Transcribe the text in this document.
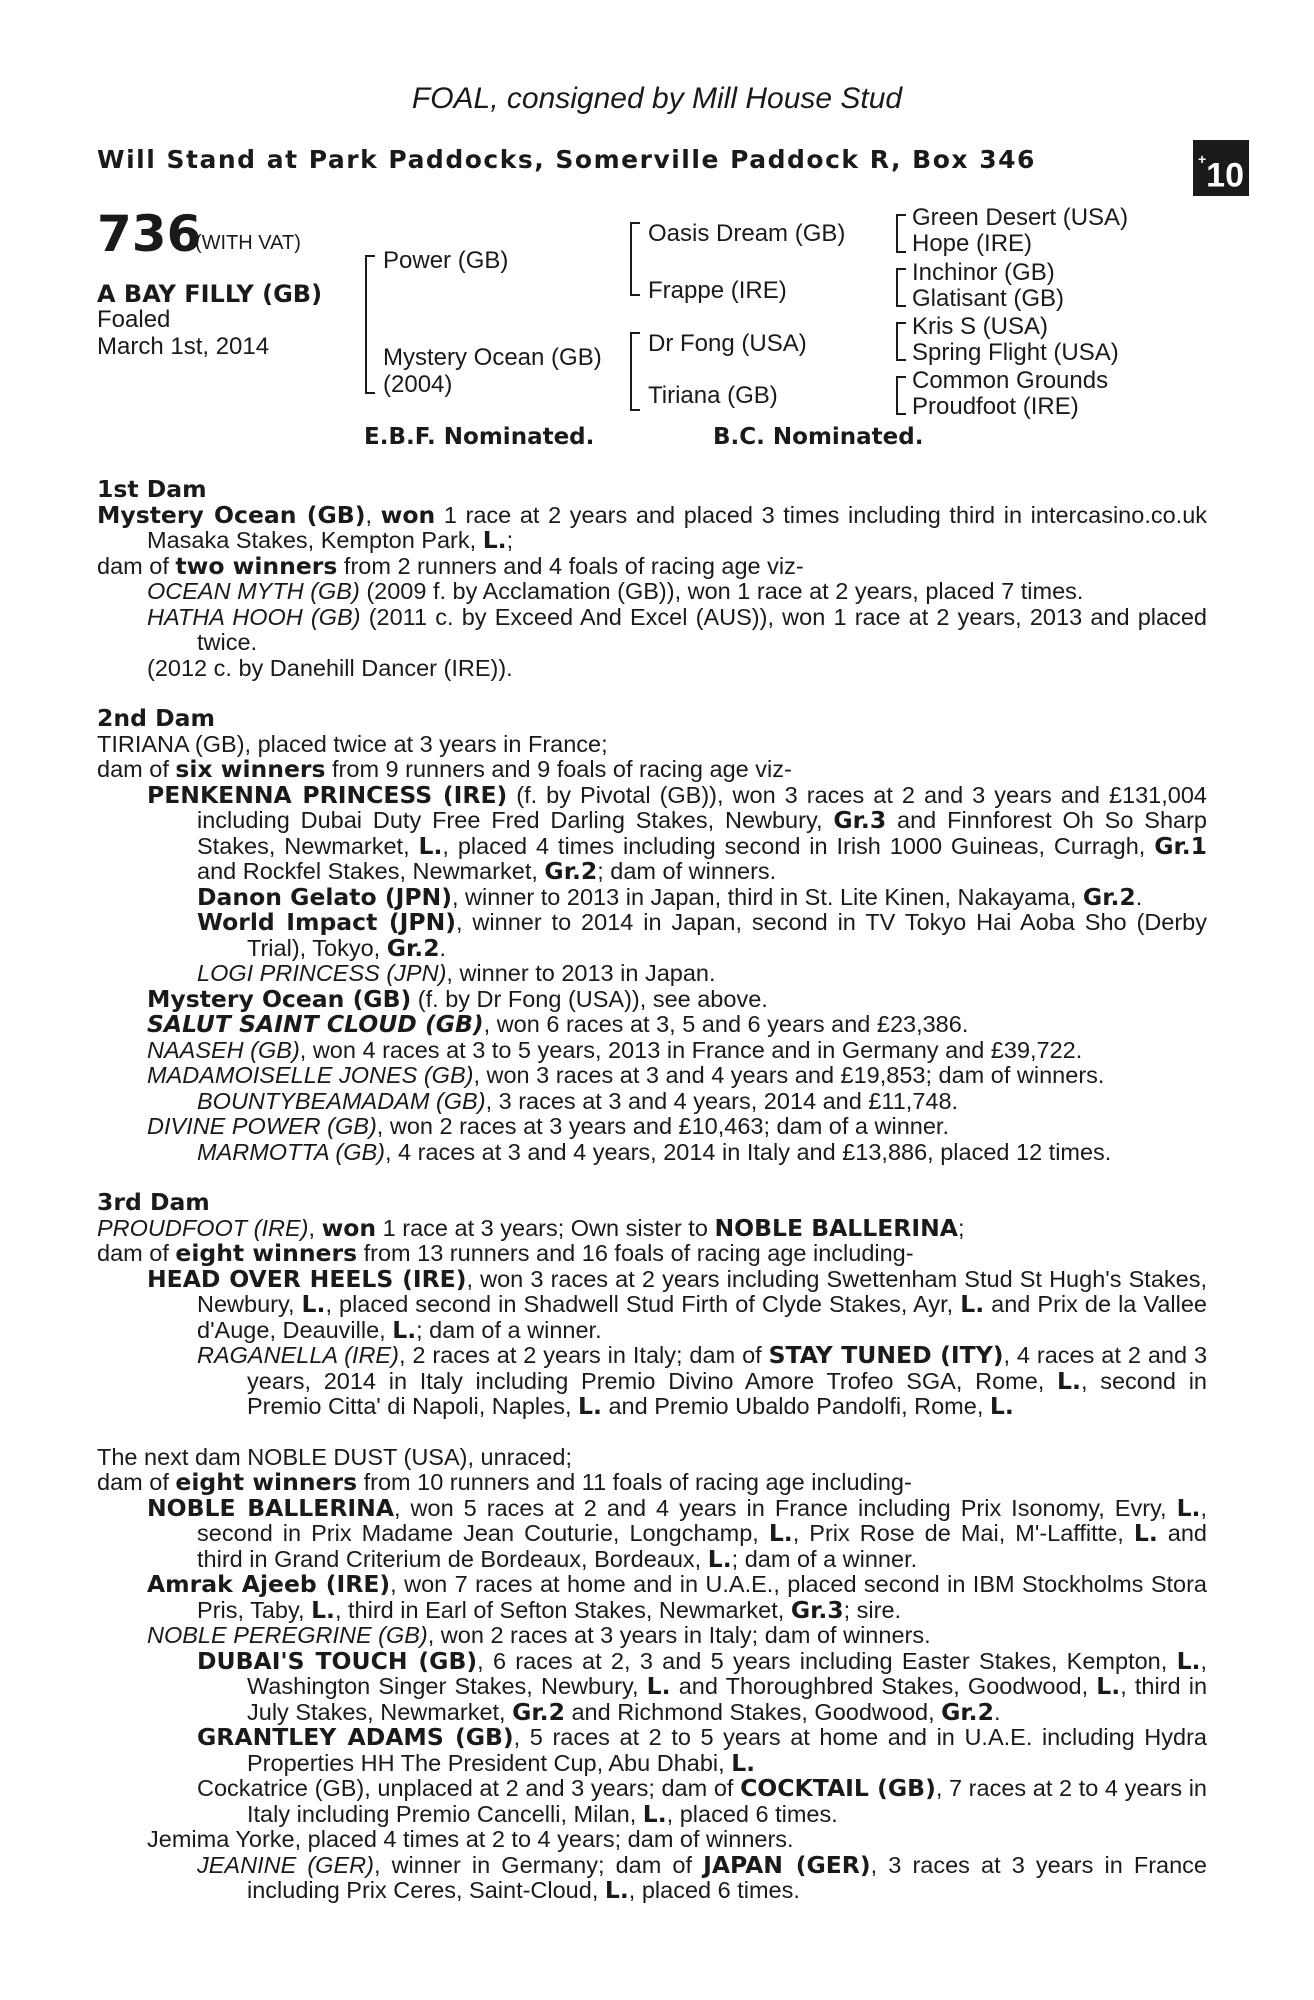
FOAL, consigned by Mill House Stud
Will Stand at Park Paddocks, Somerville Paddock R, Box 346	+10
736
(WITH VAT)
A BAY FILLY (GB)
Foaled
March 1st, 2014
Power (GB)
Mystery Ocean (GB)
(2004)
Oasis Dream (GB)
Frappe (IRE)
Dr Fong (USA)
Tiriana (GB)
Green Desert (USA)
Hope (IRE)
Inchinor (GB)
Glatisant (GB)
Kris S (USA)
Spring Flight (USA)
Common Grounds
Proudfoot (IRE)
E.B.F. Nominated.	B.C. Nominated.
1st Dam

Mystery Ocean (GB), won 1 race at 2 years and placed 3 times including third in intercasino.co.uk Masaka Stakes, Kempton Park, L.;

dam of two winners from 2 runners and 4 foals of racing age viz-

OCEAN MYTH (GB) (2009 f. by Acclamation (GB)), won 1 race at 2 years, placed 7 times.

HATHA HOOH (GB) (2011 c. by Exceed And Excel (AUS)), won 1 race at 2 years, 2013 and placed twice.

(2012 c. by Danehill Dancer (IRE)).

2nd Dam

TIRIANA (GB), placed twice at 3 years in France;

dam of six winners from 9 runners and 9 foals of racing age viz-

PENKENNA PRINCESS (IRE) (f. by Pivotal (GB)), won 3 races at 2 and 3 years and £131,004 including Dubai Duty Free Fred Darling Stakes, Newbury, Gr.3 and Finnforest Oh So Sharp Stakes, Newmarket, L., placed 4 times including second in Irish 1000 Guineas, Curragh, Gr.1 and Rockfel Stakes, Newmarket, Gr.2; dam of winners.

Danon Gelato (JPN), winner to 2013 in Japan, third in St. Lite Kinen, Nakayama, Gr.2.

World Impact (JPN), winner to 2014 in Japan, second in TV Tokyo Hai Aoba Sho (Derby Trial), Tokyo, Gr.2.

LOGI PRINCESS (JPN), winner to 2013 in Japan.

Mystery Ocean (GB) (f. by Dr Fong (USA)), see above.

SALUT SAINT CLOUD (GB), won 6 races at 3, 5 and 6 years and £23,386.

NAASEH (GB), won 4 races at 3 to 5 years, 2013 in France and in Germany and £39,722.

MADAMOISELLE JONES (GB), won 3 races at 3 and 4 years and £19,853; dam of winners.

BOUNTYBEAMADAM (GB), 3 races at 3 and 4 years, 2014 and £11,748.

DIVINE POWER (GB), won 2 races at 3 years and £10,463; dam of a winner.

MARMOTTA (GB), 4 races at 3 and 4 years, 2014 in Italy and £13,886, placed 12 times.

3rd Dam

PROUDFOOT (IRE), won 1 race at 3 years; Own sister to NOBLE BALLERINA;

dam of eight winners from 13 runners and 16 foals of racing age including-

HEAD OVER HEELS (IRE), won 3 races at 2 years including Swettenham Stud St Hugh's Stakes, Newbury, L., placed second in Shadwell Stud Firth of Clyde Stakes, Ayr, L. and Prix de la Vallee d'Auge, Deauville, L.; dam of a winner.

RAGANELLA (IRE), 2 races at 2 years in Italy; dam of STAY TUNED (ITY), 4 races at 2 and 3 years, 2014 in Italy including Premio Divino Amore Trofeo SGA, Rome, L., second in Premio Citta' di Napoli, Naples, L. and Premio Ubaldo Pandolfi, Rome, L.

The next dam NOBLE DUST (USA), unraced;

dam of eight winners from 10 runners and 11 foals of racing age including-

NOBLE BALLERINA, won 5 races at 2 and 4 years in France including Prix Isonomy, Evry, L., second in Prix Madame Jean Couturie, Longchamp, L., Prix Rose de Mai, M'-Laffitte, L. and third in Grand Criterium de Bordeaux, Bordeaux, L.; dam of a winner.

Amrak Ajeeb (IRE), won 7 races at home and in U.A.E., placed second in IBM Stockholms Stora Pris, Taby, L., third in Earl of Sefton Stakes, Newmarket, Gr.3; sire.

NOBLE PEREGRINE (GB), won 2 races at 3 years in Italy; dam of winners.

DUBAI'S TOUCH (GB), 6 races at 2, 3 and 5 years including Easter Stakes, Kempton, L., Washington Singer Stakes, Newbury, L. and Thoroughbred Stakes, Goodwood, L., third in July Stakes, Newmarket, Gr.2 and Richmond Stakes, Goodwood, Gr.2.

GRANTLEY ADAMS (GB), 5 races at 2 to 5 years at home and in U.A.E. including Hydra Properties HH The President Cup, Abu Dhabi, L.

Cockatrice (GB), unplaced at 2 and 3 years; dam of COCKTAIL (GB), 7 races at 2 to 4 years in Italy including Premio Cancelli, Milan, L., placed 6 times.

Jemima Yorke, placed 4 times at 2 to 4 years; dam of winners.

JEANINE (GER), winner in Germany; dam of JAPAN (GER), 3 races at 3 years in France including Prix Ceres, Saint-Cloud, L., placed 6 times.
